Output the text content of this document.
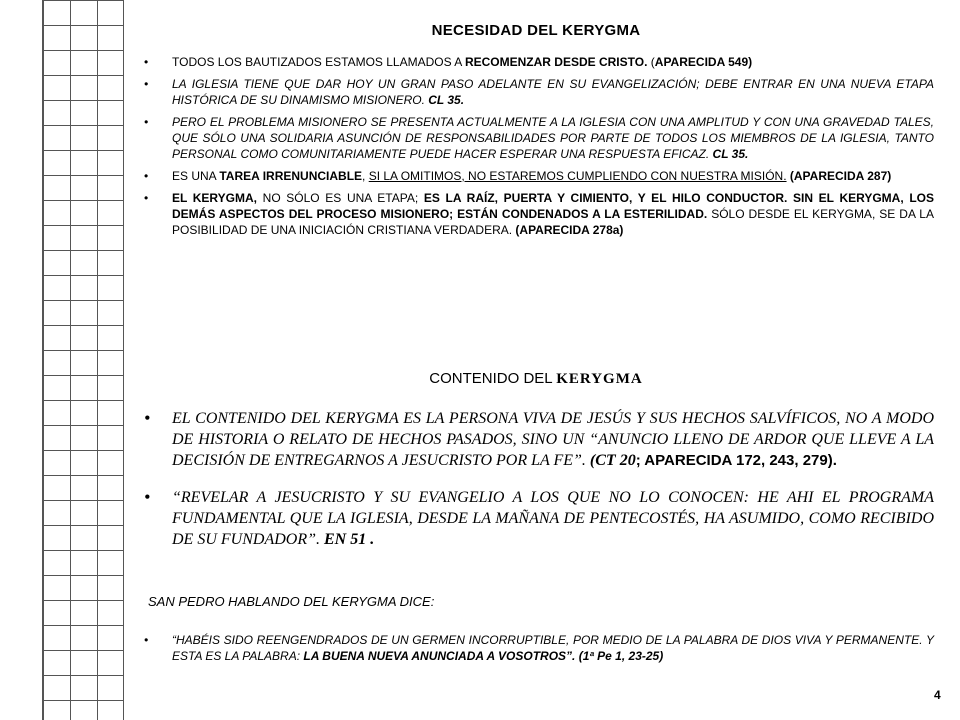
NECESIDAD DEL KERYGMA
• TODOS LOS BAUTIZADOS ESTAMOS LLAMADOS A RECOMENZAR DESDE CRISTO. (APARECIDA 549)
• LA IGLESIA TIENE QUE DAR HOY UN GRAN PASO ADELANTE EN SU EVANGELIZACIÓN; DEBE ENTRAR EN UNA NUEVA ETAPA HISTÓRICA DE SU DINAMISMO MISIONERO. CL 35.
• PERO EL PROBLEMA MISIONERO SE PRESENTA ACTUALMENTE A LA IGLESIA CON UNA AMPLITUD Y CON UNA GRAVEDAD TALES, QUE SÓLO UNA SOLIDARIA ASUNCIÓN DE RESPONSABILIDADES POR PARTE DE TODOS LOS MIEMBROS DE LA IGLESIA, TANTO PERSONAL COMO COMUNITARIAMENTE PUEDE HACER ESPERAR UNA RESPUESTA EFICAZ. CL 35.
• ES UNA TAREA IRRENUNCIABLE, SI LA OMITIMOS, NO ESTAREMOS CUMPLIENDO CON NUESTRA MISIÓN. (APARECIDA 287)
• EL KERYGMA, NO SÓLO ES UNA ETAPA; ES LA RAÍZ, PUERTA Y CIMIENTO, Y EL HILO CONDUCTOR. SIN EL KERYGMA, LOS DEMÁS ASPECTOS DEL PROCESO MISIONERO; ESTÁN CONDENADOS A LA ESTERILIDAD. SÓLO DESDE EL KERYGMA, SE DA LA POSIBILIDAD DE UNA INICIACIÓN CRISTIANA VERDADERA. (APARECIDA 278a)
CONTENIDO DEL KERYGMA
• EL CONTENIDO DEL KERYGMA ES LA PERSONA VIVA DE JESÚS Y SUS HECHOS SALVÍFICOS, NO A MODO DE HISTORIA O RELATO DE HECHOS PASADOS, SINO UN “ANUNCIO LLENO DE ARDOR QUE LLEVE A LA DECISIÓN DE ENTREGARNOS A JESUCRISTO POR LA FE”. (CT 20; APARECIDA 172, 243, 279).
• “REVELAR A JESUCRISTO Y SU EVANGELIO A LOS QUE NO LO CONOCEN: HE AHI EL PROGRAMA FUNDAMENTAL QUE LA IGLESIA, DESDE LA MAÑANA DE PENTECOSTÉS, HA ASUMIDO, COMO RECIBIDO DE SU FUNDADOR”. EN 51 .
SAN PEDRO HABLANDO DEL KERYGMA DICE:
• “HABÉIS SIDO REENGENDRADOS DE UN GERMEN INCORRUPTIBLE, POR MEDIO DE LA PALABRA DE DIOS VIVA Y PERMANENTE. Y ESTA ES LA PALABRA: LA BUENA NUEVA ANUNCIADA A VOSOTROS”. (1ª Pe 1, 23-25)
4
